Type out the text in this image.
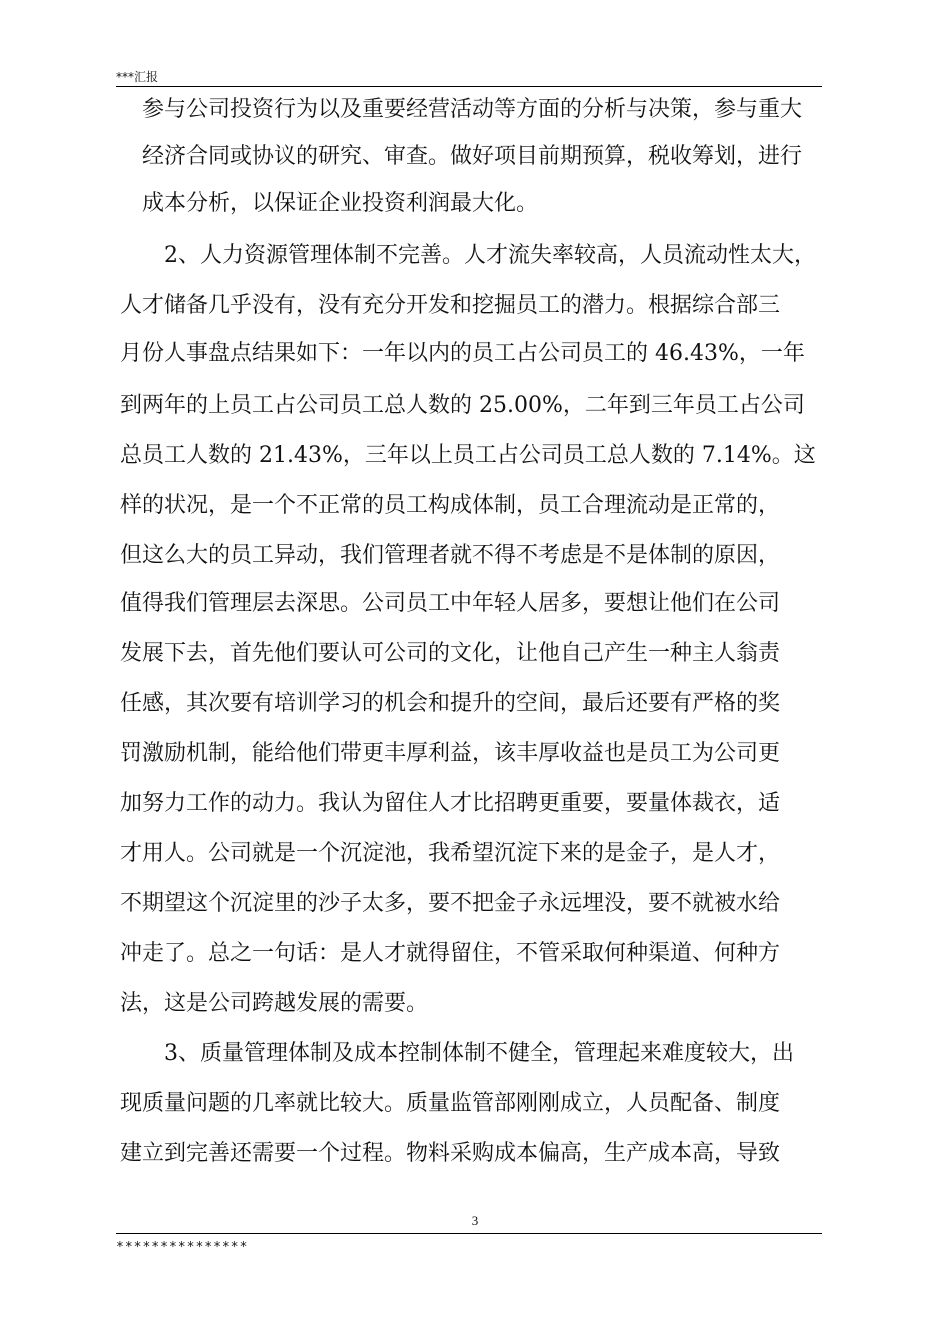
***汇报
参与公司投资行为以及重要经营活动等方面的分析与决策，参与重大
经济合同或协议的研究、审查。做好项目前期预算，税收筹划，进行
成本分析，以保证企业投资利润最大化。
2、人力资源管理体制不完善。人才流失率较高，人员流动性太大，
人才储备几乎没有，没有充分开发和挖掘员工的潜力。根据综合部三
月份人事盘点结果如下：一年以内的员工占公司员工的 46.43%，一年
到两年的上员工占公司员工总人数的 25.00%，二年到三年员工占公司
总员工人数的 21.43%，三年以上员工占公司员工总人数的 7.14%。这
样的状况，是一个不正常的员工构成体制，员工合理流动是正常的，
但这么大的员工异动，我们管理者就不得不考虑是不是体制的原因，
值得我们管理层去深思。公司员工中年轻人居多，要想让他们在公司
发展下去，首先他们要认可公司的文化，让他自己产生一种主人翁责
任感，其次要有培训学习的机会和提升的空间，最后还要有严格的奖
罚激励机制，能给他们带更丰厚利益，该丰厚收益也是员工为公司更
加努力工作的动力。我认为留住人才比招聘更重要，要量体裁衣，适
才用人。公司就是一个沉淀池，我希望沉淀下来的是金子，是人才，
不期望这个沉淀里的沙子太多，要不把金子永远埋没，要不就被水给
冲走了。总之一句话：是人才就得留住，不管采取何种渠道、何种方
法，这是公司跨越发展的需要。
3、质量管理体制及成本控制体制不健全，管理起来难度较大，出
现质量问题的几率就比较大。质量监管部刚刚成立，人员配备、制度
建立到完善还需要一个过程。物料采购成本偏高，生产成本高，导致
3
***************
